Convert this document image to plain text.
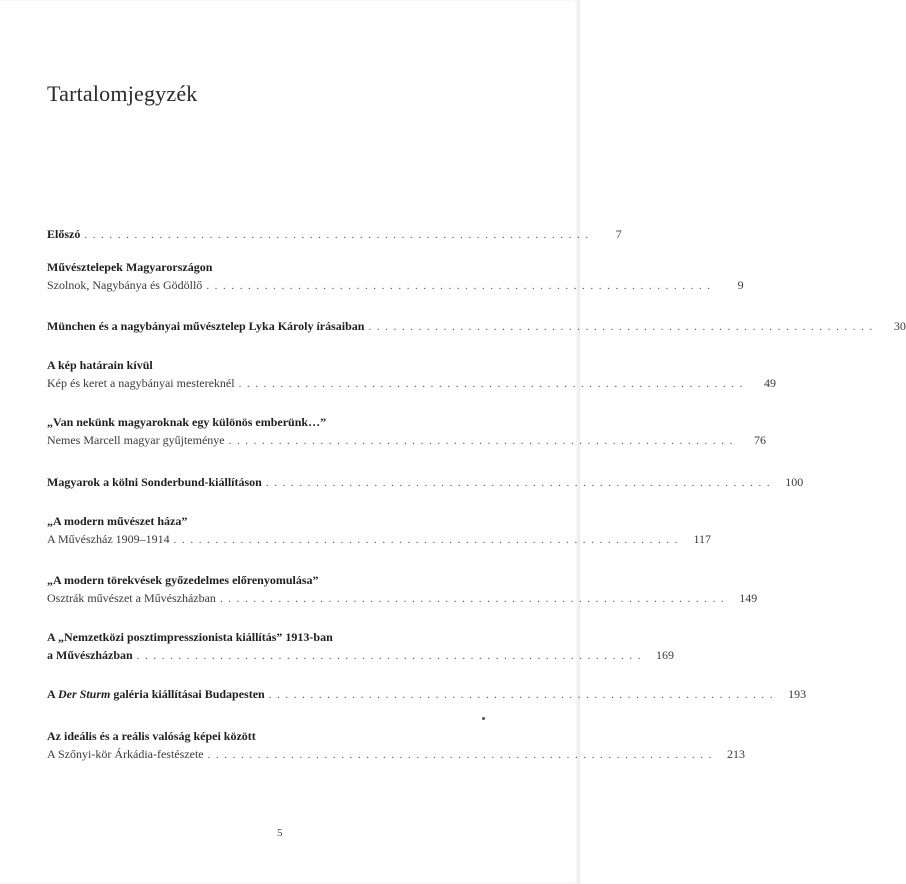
Tartalomjegyzék
Előszó .............................................................	7
Művésztelepek Magyarországon
Szolnok, Nagybánya és Gödöllő .............................................................	9
München és a nagybányai művésztelep Lyka Károly írásaiban .............................................................	30
A kép határain kívül
Kép és keret a nagybányai mestereknél .............................................................	49
„Van nekünk magyaroknak egy különös emberünk…”
Nemes Marcell magyar gyűjteménye .............................................................	76
Magyarok a kölni Sonderbund-kiállításon ............................................................. 100
„A modern művészet háza”
A Művészház 1909–1914 ............................................................. 117
„A modern törekvések győzedelmes előrenyomulása”
Osztrák művészet a Művészházban ............................................................. 149
A „Nemzetközi posztimpresszionista kiállítás” 1913-ban
a Művészházban ............................................................. 169
A Der Sturm galéria kiállításai Budapesten ............................................................. 193
Az ideális és a reális valóság képei között
A Szőnyi-kör Árkádia-festészete ............................................................. 213
5
